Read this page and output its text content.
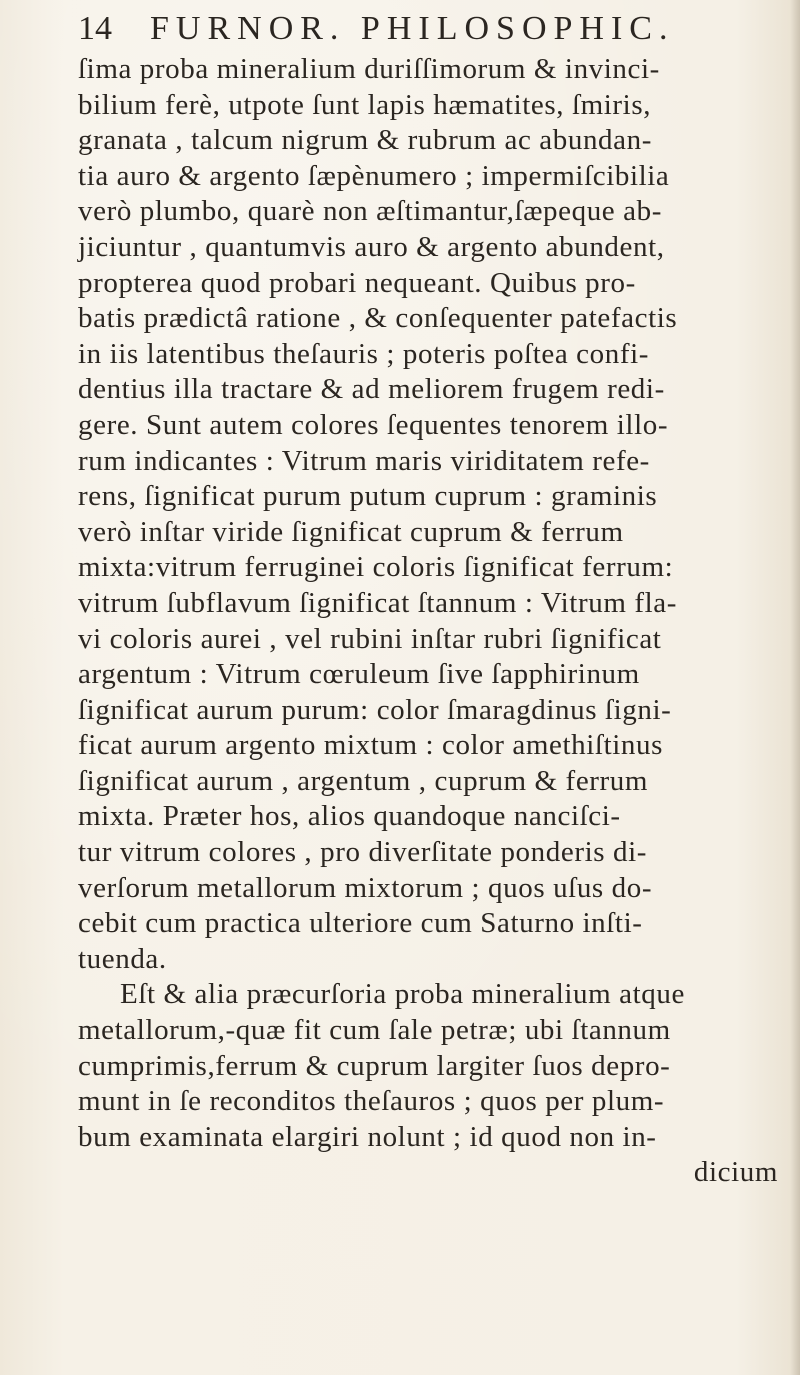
14 FURNOR. PHILOSOPHIC.
ſima proba mineralium duriſſimorum & invinci-
bilium ferè, utpote ſunt lapis hæmatites, ſmiris,
granata , talcum nigrum & rubrum ac abundan-
tia auro & argento ſæpènumero ; impermiſcibilia
verò plumbo, quarè non æſtimantur,ſæpeque ab-
jiciuntur , quantumvis auro & argento abundent,
propterea quod probari nequeant. Quibus pro-
batis prædictâ ratione , & conſequenter patefactis
in iis latentibus theſauris ; poteris poſtea confi-
dentius illa tractare & ad meliorem frugem redi-
gere. Sunt autem colores ſequentes tenorem illo-
rum indicantes : Vitrum maris viriditatem refe-
rens, ſignificat purum putum cuprum : graminis
verò inſtar viride ſignificat cuprum & ferrum
mixta:vitrum ferruginei coloris ſignificat ferrum:
vitrum ſubflavum ſignificat ſtannum : Vitrum fla-
vi coloris aurei , vel rubini inſtar rubri ſignificat
argentum : Vitrum cœruleum ſive ſapphirinum
ſignificat aurum purum: color ſmaragdinus ſigni-
ficat aurum argento mixtum : color amethiſtinus
ſignificat aurum , argentum , cuprum & ferrum
mixta. Præter hos, alios quandoque nanciſci-
tur vitrum colores , pro diverſitate ponderis di-
verſorum metallorum mixtorum ; quos uſus do-
cebit cum practica ulteriore cum Saturno inſti-
tuenda.
Eſt & alia præcurſoria proba mineralium atque
metallorum,-quæ fit cum ſale petræ; ubi ſtannum
cumprimis,ferrum & cuprum largiter ſuos depro-
munt in ſe reconditos theſauros ; quos per plum-
bum examinata elargiri nolunt ; id quod non in-
dicium
